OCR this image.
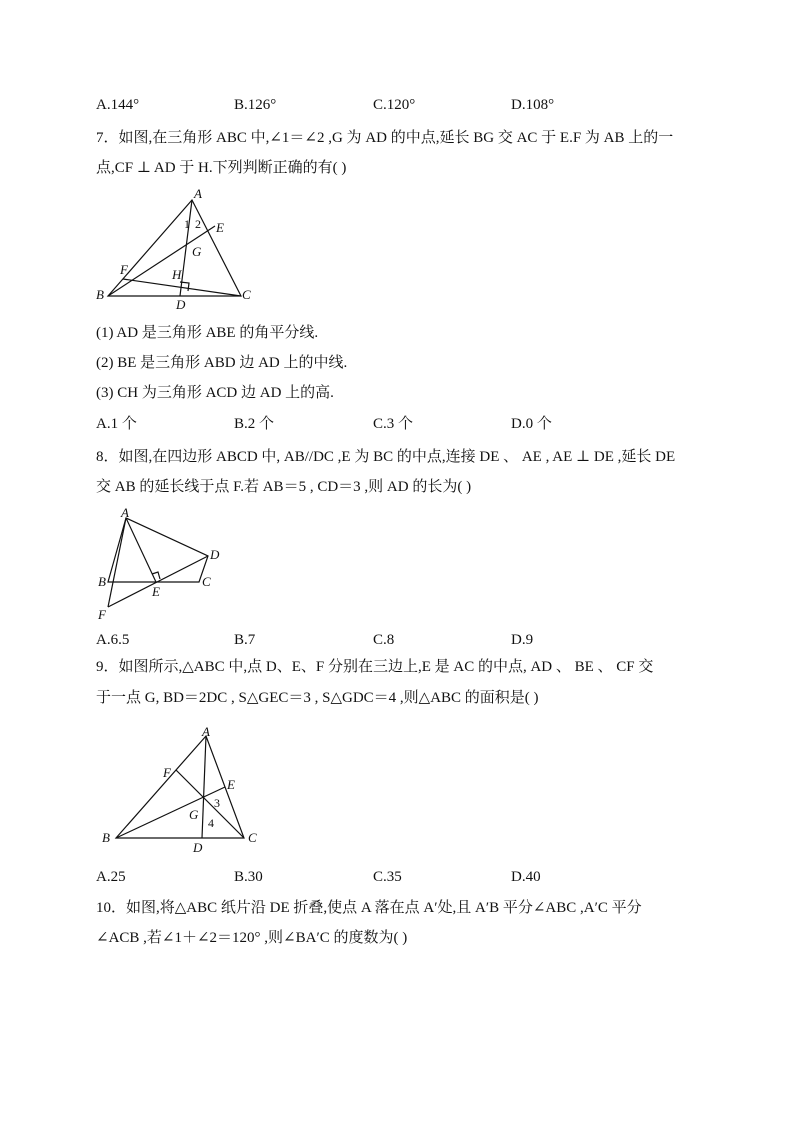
A.144°	B.126°	C.120°	D.108°
7．如图,在三角形 ABC 中,∠1＝∠2 ,G 为 AD 的中点,延长 BG 交 AC 于 E.F 为 AB 上的一
点,CF ⊥ AD 于 H.下列判断正确的有( )
A
B	C
D
E
F
G
H
1 2
(1) AD 是三角形 ABE 的角平分线.
(2) BE 是三角形 ABD 边 AD 上的中线.
(3) CH 为三角形 ACD 边 AD 上的高.
A.1 个	B.2 个	C.3 个	D.0 个
8．如图,在四边形 ABCD 中, AB//DC ,E 为 BC 的中点,连接 DE 、 AE , AE ⊥ DE ,延长 DE
交 AB 的延长线于点 F.若 AB＝5 , CD＝3 ,则 AD 的长为( )
A
B	C
D
E
F
A.6.5	B.7	C.8	D.9
9．如图所示,△ABC 中,点 D、E、F 分别在三边上,E 是 AC 的中点, AD 、 BE 、 CF 交
于一点 G, BD＝2DC , S△GEC＝3 , S△GDC＝4 ,则△ABC 的面积是( )
A
B	C
D
E
F
G
3
4
A.25	B.30	C.35	D.40
10．如图,将△ABC 纸片沿 DE 折叠,使点 A 落在点 A′处,且 A′B 平分∠ABC ,A′C 平分
∠ACB ,若∠1＋∠2＝120° ,则∠BA′C 的度数为( )
